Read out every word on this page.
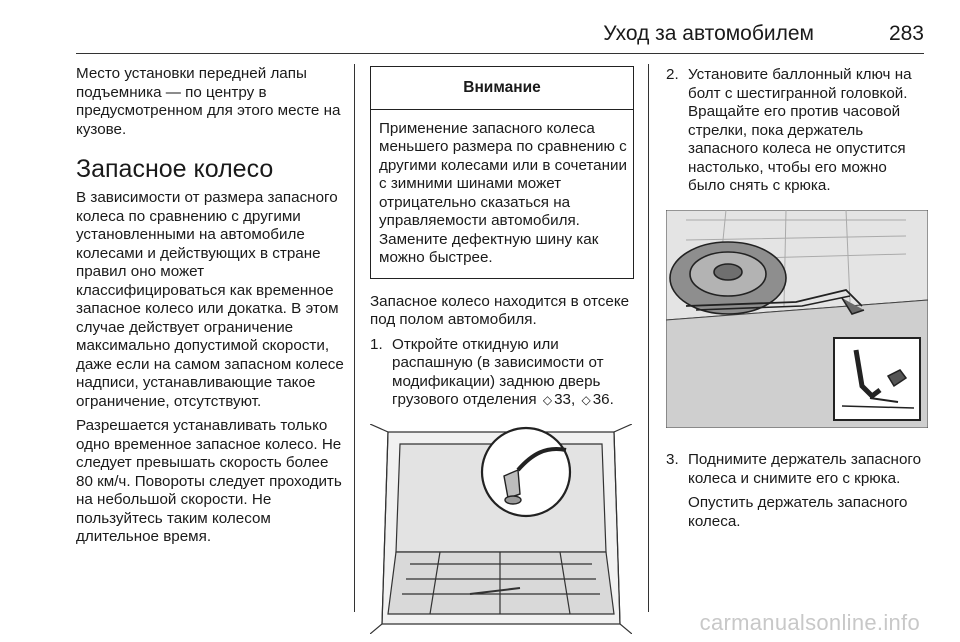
Уход за автомобилем	283

Место установки передней лапы подъемника — по центру в предусмотренном для этого месте на кузове.

Запасное колесо

В зависимости от размера запасного колеса по сравнению с другими установленными на автомобиле колесами и действующих в стране правил оно может классифицироваться как временное запасное колесо или докатка. В этом случае действует ограничение максимально допустимой скорости, даже если на самом запасном колесе надписи, устанавливающие такое ограничение, отсутствуют.

Разрешается устанавливать только одно временное запасное колесо. Не следует превышать скорость более 80 км/ч. Повороты следует проходить на небольшой скорости. Не пользуйтесь таким колесом длительное время.

Внимание
Применение запасного колеса меньшего размера по сравнению с другими колесами или в сочетании с зимними шинами может отрицательно сказаться на управляемости автомобиля. Замените дефектную шину как можно быстрее.

Запасное колесо находится в отсеке под полом автомобиля.

1. Откройте откидную или распашную (в зависимости от модификации) заднюю дверь грузового отделения ◇ 33, ◇ 36.
2. Установите баллонный ключ на болт с шестигранной головкой. Вращайте его против часовой стрелки, пока держатель запасного колеса не опустится настолько, чтобы его можно было снять с крюка.
3. Поднимите держатель запасного колеса и снимите его с крюка.

Опустить держатель запасного колеса.

carmanualsonline.info
